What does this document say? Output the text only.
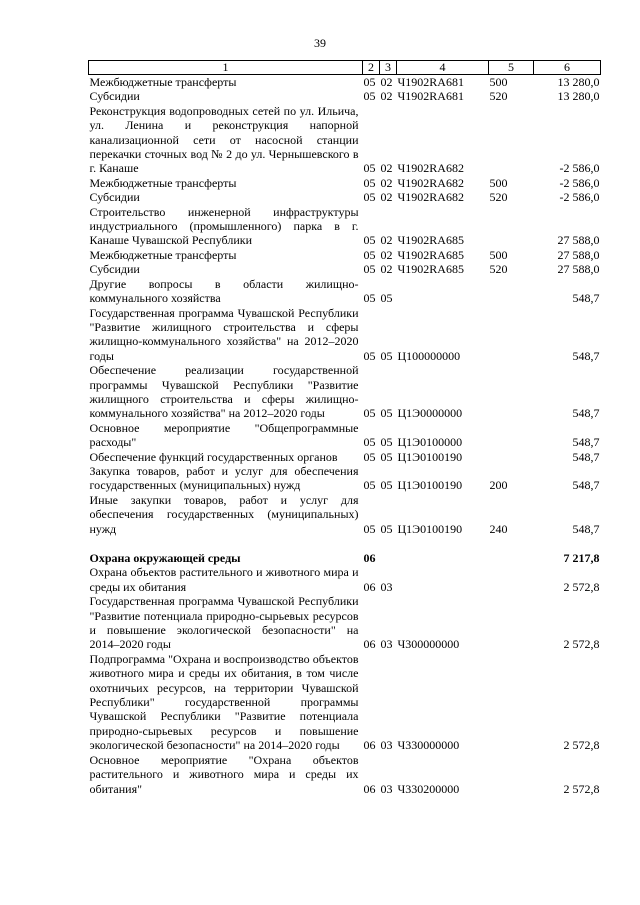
39
1	2	3	4	5	6
Межбюджетные трансферты	05	02	Ч1902RA681	500	13 280,0
Субсидии	05	02	Ч1902RA681	520	13 280,0
Реконструкция водопроводных сетей по ул. Ильича, ул. Ленина и реконструкция напорной канализационной сети от насосной станции перекачки сточных вод № 2 до ул. Чернышевского в г. Канаше	05	02	Ч1902RA682		-2 586,0
Межбюджетные трансферты	05	02	Ч1902RA682	500	-2 586,0
Субсидии	05	02	Ч1902RA682	520	-2 586,0
Строительство инженерной инфраструктуры индустриального (промышленного) парка в г. Канаше Чувашской Республики	05	02	Ч1902RA685		27 588,0
Межбюджетные трансферты	05	02	Ч1902RA685	500	27 588,0
Субсидии	05	02	Ч1902RA685	520	27 588,0
Другие вопросы в области жилищно-коммунального хозяйства	05	05			548,7
Государственная программа Чувашской Республики "Развитие жилищного строительства и сферы жилищно-коммунального хозяйства" на 2012–2020 годы	05	05	Ц100000000		548,7
Обеспечение реализации государственной программы Чувашской Республики "Развитие жилищного строительства и сферы жилищно-коммунального хозяйства" на 2012–2020 годы	05	05	Ц1Э0000000		548,7
Основное мероприятие "Общепрограммные расходы"	05	05	Ц1Э0100000		548,7
Обеспечение функций государственных органов	05	05	Ц1Э0100190		548,7
Закупка товаров, работ и услуг для обеспечения государственных (муниципальных) нужд	05	05	Ц1Э0100190	200	548,7
Иные закупки товаров, работ и услуг для обеспечения государственных (муниципальных) нужд	05	05	Ц1Э0100190	240	548,7

Охрана окружающей среды	06				7 217,8
Охрана объектов растительного и животного мира и среды их обитания	06	03			2 572,8
Государственная программа Чувашской Республики "Развитие потенциала природно-сырьевых ресурсов и повышение экологической безопасности" на 2014–2020 годы	06	03	Ч300000000		2 572,8
Подпрограмма "Охрана и воспроизводство объектов животного мира и среды их обитания, в том числе охотничьих ресурсов, на территории Чувашской Республики" государственной программы Чувашской Республики "Развитие потенциала природно-сырьевых ресурсов и повышение экологической безопасности" на 2014–2020 годы	06	03	Ч330000000		2 572,8
Основное мероприятие "Охрана объектов растительного и животного мира и среды их обитания"	06	03	Ч330200000		2 572,8
